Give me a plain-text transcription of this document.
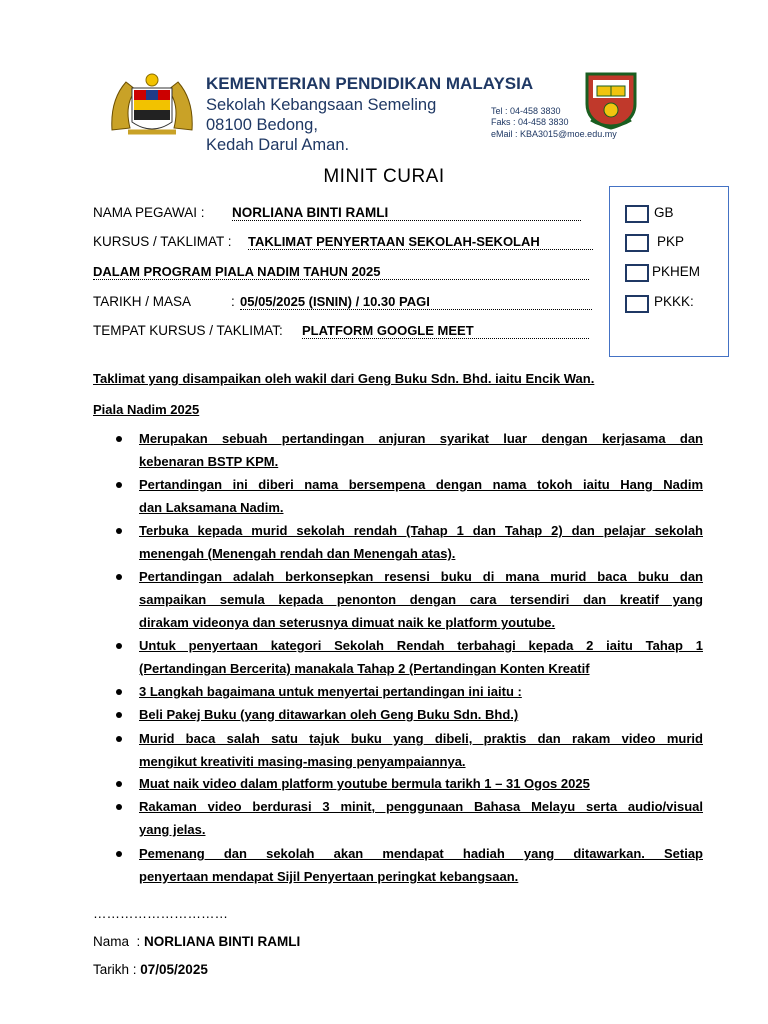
KEMENTERIAN PENDIDIKAN MALAYSIA
Sekolah Kebangsaan Semeling
08100 Bedong,
Kedah Darul Aman.
Tel : 04-458 3830
Faks : 04-458 3830
eMail : KBA3015@moe.edu.my
MINIT CURAI
NAMA PEGAWAI : NORLIANA BINTI RAMLI
KURSUS / TAKLIMAT : TAKLIMAT PENYERTAAN SEKOLAH-SEKOLAH
DALAM PROGRAM PIALA NADIM TAHUN 2025
TARIKH / MASA	: 05/05/2025 (ISNIN) / 10.30 PAGI
TEMPAT KURSUS / TAKLIMAT: PLATFORM GOOGLE MEET
GB
PKP
PKHEM
PKKK:
Taklimat yang disampaikan oleh wakil dari Geng Buku Sdn. Bhd. iaitu Encik Wan.
Piala Nadim 2025
Merupakan sebuah pertandingan anjuran syarikat luar dengan kerjasama dan
kebenaran BSTP KPM.
Pertandingan ini diberi nama bersempena dengan nama tokoh iaitu Hang Nadim
dan Laksamana Nadim.
Terbuka kepada murid sekolah rendah (Tahap 1 dan Tahap 2) dan pelajar sekolah
menengah (Menengah rendah dan Menengah atas).
Pertandingan adalah berkonsepkan resensi buku di mana murid baca buku dan
sampaikan semula kepada penonton dengan cara tersendiri dan kreatif yang
dirakam videonya dan seterusnya dimuat naik ke platform youtube.
Untuk penyertaan kategori Sekolah Rendah terbahagi kepada 2 iaitu Tahap 1
(Pertandingan Bercerita) manakala Tahap 2 (Pertandingan Konten Kreatif
3 Langkah bagaimana untuk menyertai pertandingan ini iaitu :
Beli Pakej Buku (yang ditawarkan oleh Geng Buku Sdn. Bhd.)
Murid baca salah satu tajuk buku yang dibeli, praktis dan rakam video murid
mengikut kreativiti masing-masing penyampaiannya.
Muat naik video dalam platform youtube bermula tarikh 1 – 31 Ogos 2025
Rakaman video berdurasi 3 minit, penggunaan Bahasa Melayu serta audio/visual
yang jelas.
Pemenang dan sekolah akan mendapat hadiah yang ditawarkan. Setiap
penyertaan mendapat Sijil Penyertaan peringkat kebangsaan.
…………………………
Nama  : NORLIANA BINTI RAMLI
Tarikh : 07/05/2025
